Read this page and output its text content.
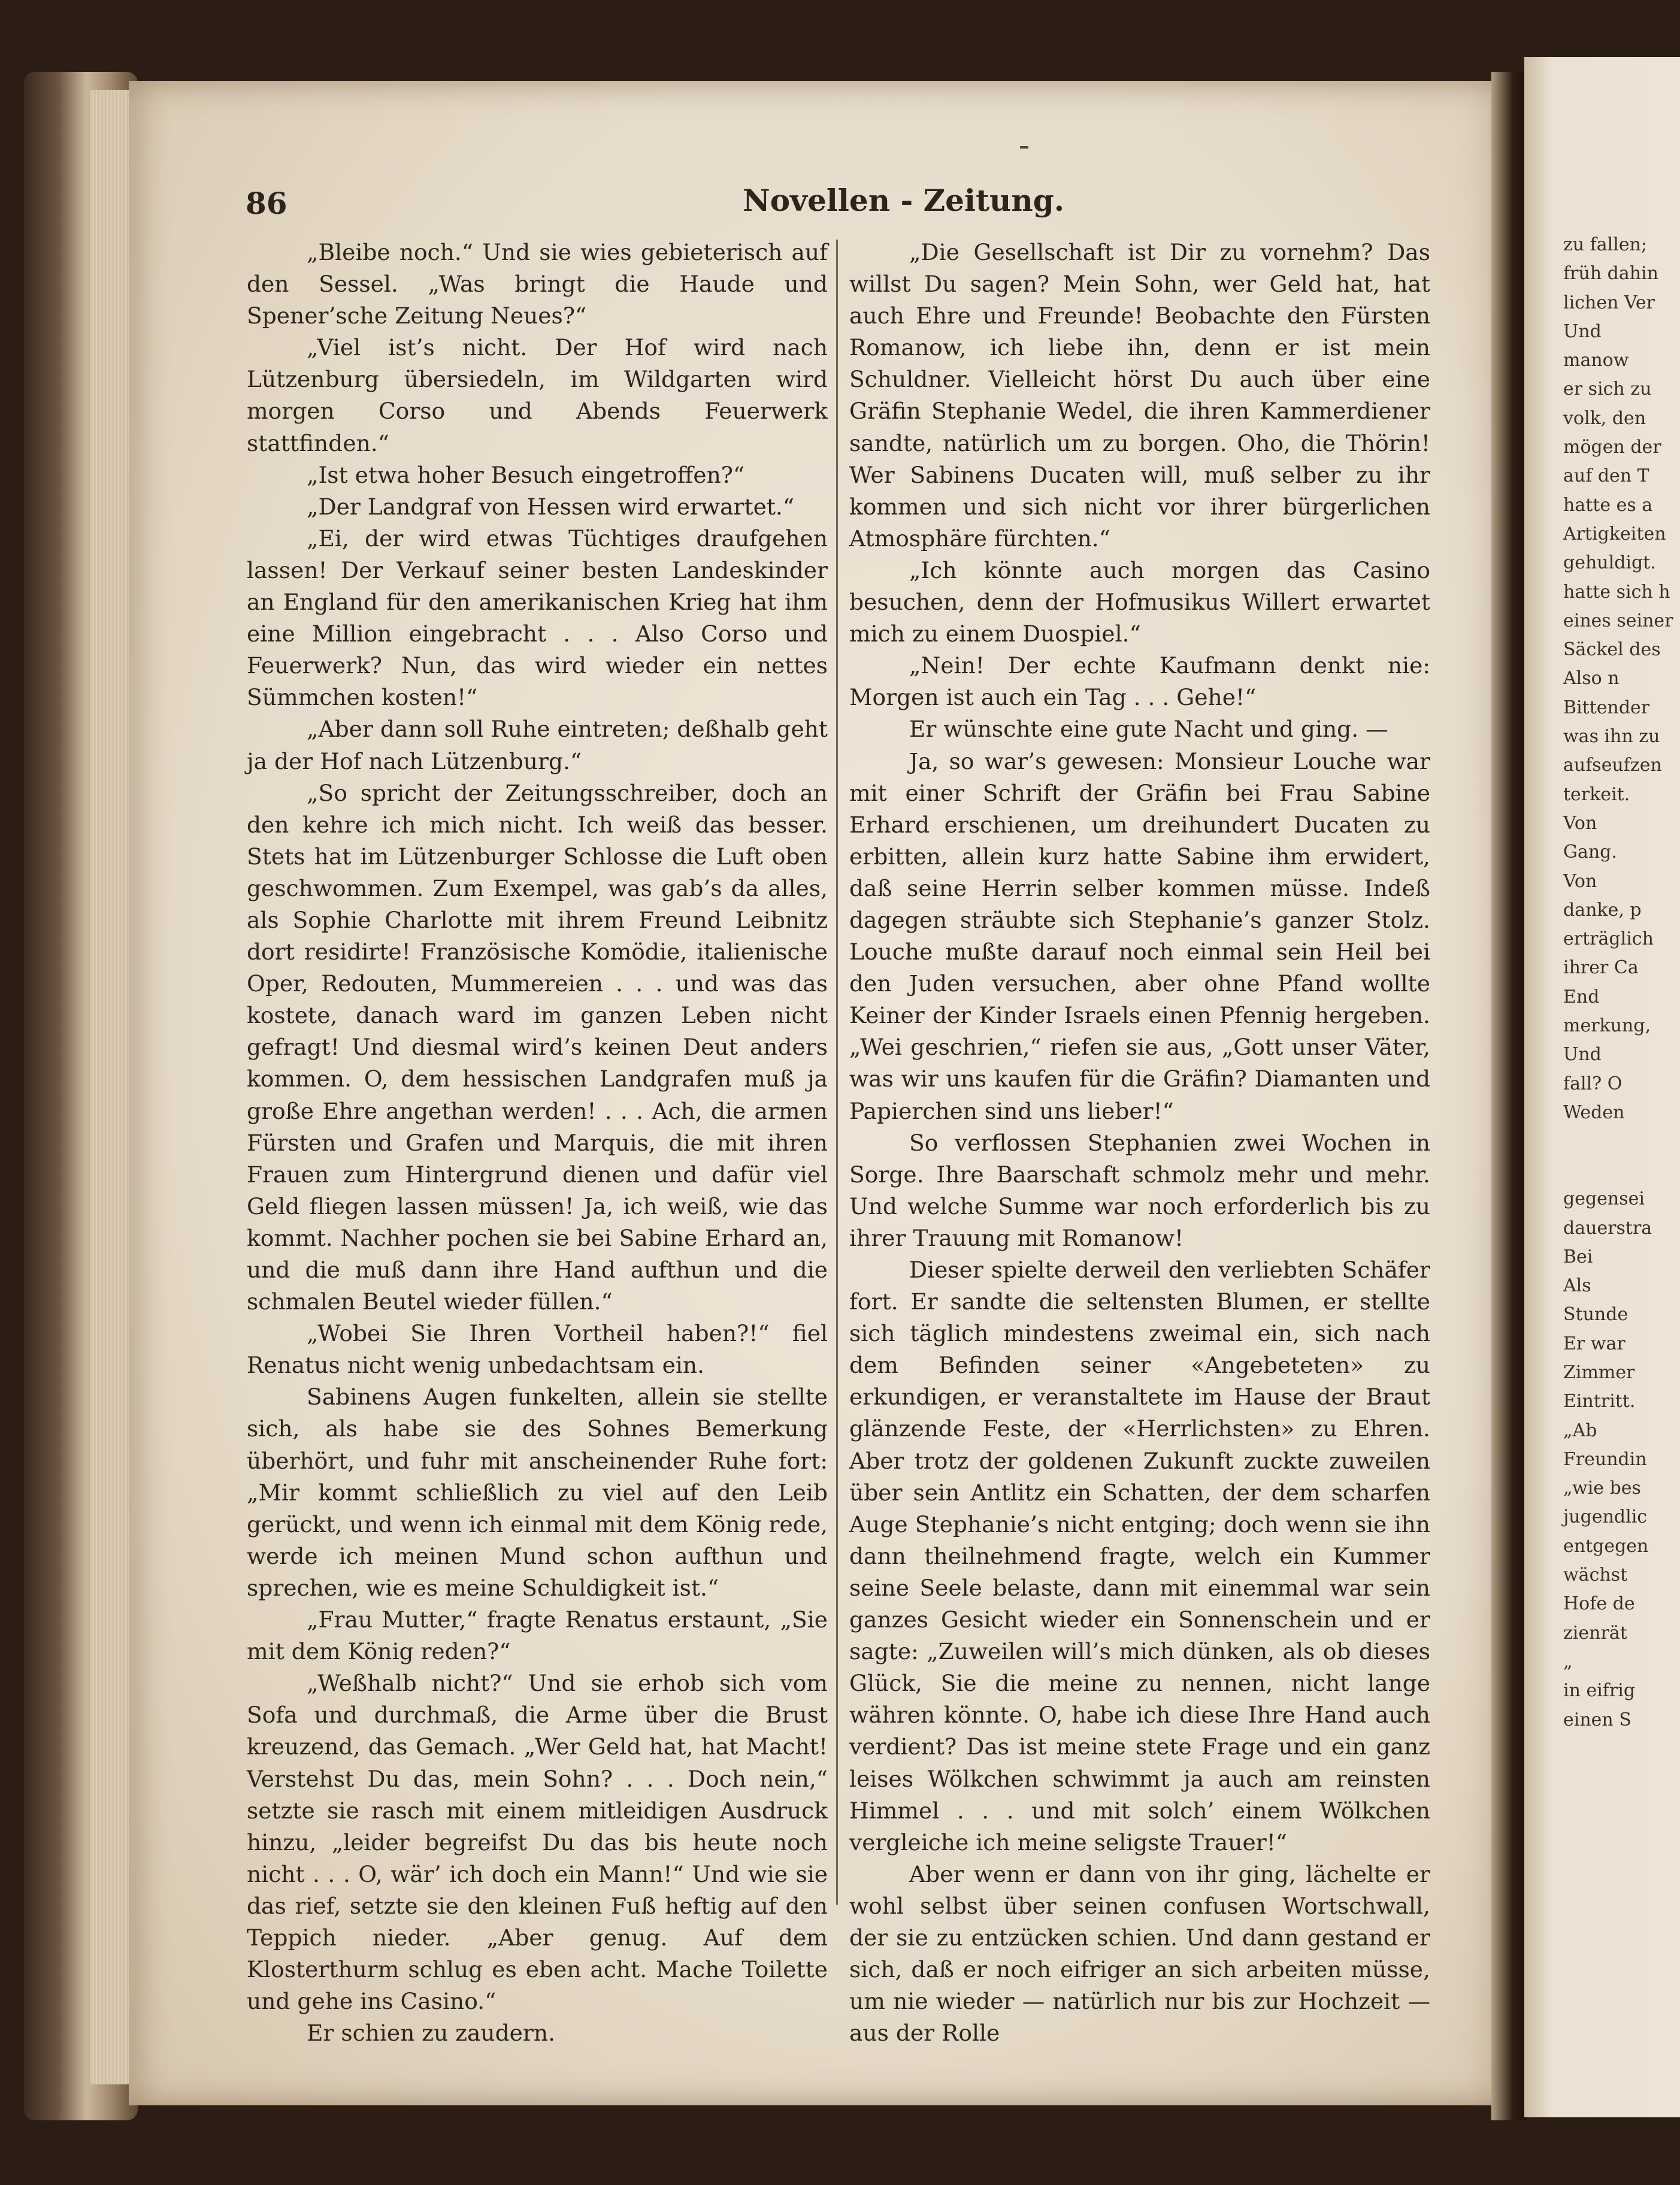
86	Novellen - Zeitung.

„Bleibe noch.“ Und sie wies gebieterisch auf den Sessel. „Was bringt die Haude und Spener’sche Zeitung Neues?“

„Viel ist’s nicht. Der Hof wird nach Lützenburg übersiedeln, im Wildgarten wird morgen Corso und Abends Feuerwerk stattfinden.“

„Ist etwa hoher Besuch eingetroffen?“

„Der Landgraf von Hessen wird erwartet.“

„Ei, der wird etwas Tüchtiges draufgehen lassen! Der Verkauf seiner besten Landeskinder an England für den amerikanischen Krieg hat ihm eine Million eingebracht . . . Also Corso und Feuerwerk? Nun, das wird wieder ein nettes Sümmchen kosten!“

„Aber dann soll Ruhe eintreten; deßhalb geht ja der Hof nach Lützenburg.“

„So spricht der Zeitungsschreiber, doch an den kehre ich mich nicht. Ich weiß das besser. Stets hat im Lützenburger Schlosse die Luft oben geschwommen. Zum Exempel, was gab’s da alles, als Sophie Charlotte mit ihrem Freund Leibnitz dort residirte! Französische Komödie, italienische Oper, Redouten, Mummereien . . . und was das kostete, danach ward im ganzen Leben nicht gefragt! Und diesmal wird’s keinen Deut anders kommen. O, dem hessischen Landgrafen muß ja große Ehre angethan werden! . . . Ach, die armen Fürsten und Grafen und Marquis, die mit ihren Frauen zum Hintergrund dienen und dafür viel Geld fliegen lassen müssen! Ja, ich weiß, wie das kommt. Nachher pochen sie bei Sabine Erhard an, und die muß dann ihre Hand aufthun und die schmalen Beutel wieder füllen.“

„Wobei Sie Ihren Vortheil haben?!“ fiel Renatus nicht wenig unbedachtsam ein.

Sabinens Augen funkelten, allein sie stellte sich, als habe sie des Sohnes Bemerkung überhört, und fuhr mit anscheinender Ruhe fort: „Mir kommt schließlich zu viel auf den Leib gerückt, und wenn ich einmal mit dem König rede, werde ich meinen Mund schon aufthun und sprechen, wie es meine Schuldigkeit ist.“

„Frau Mutter,“ fragte Renatus erstaunt, „Sie mit dem König reden?“

„Weßhalb nicht?“ Und sie erhob sich vom Sofa und durchmaß, die Arme über die Brust kreuzend, das Gemach. „Wer Geld hat, hat Macht! Verstehst Du das, mein Sohn? . . . Doch nein,“ setzte sie rasch mit einem mitleidigen Ausdruck hinzu, „leider begreifst Du das bis heute noch nicht . . . O, wär’ ich doch ein Mann!“ Und wie sie das rief, setzte sie den kleinen Fuß heftig auf den Teppich nieder. „Aber genug. Auf dem Klosterthurm schlug es eben acht. Mache Toilette und gehe ins Casino.“

Er schien zu zaudern.

„Die Gesellschaft ist Dir zu vornehm? Das willst Du sagen? Mein Sohn, wer Geld hat, hat auch Ehre und Freunde! Beobachte den Fürsten Romanow, ich liebe ihn, denn er ist mein Schuldner. Vielleicht hörst Du auch über eine Gräfin Stephanie Wedel, die ihren Kammerdiener sandte, natürlich um zu borgen. Oho, die Thörin! Wer Sabinens Ducaten will, muß selber zu ihr kommen und sich nicht vor ihrer bürgerlichen Atmosphäre fürchten.“

„Ich könnte auch morgen das Casino besuchen, denn der Hofmusikus Willert erwartet mich zu einem Duospiel.“

„Nein! Der echte Kaufmann denkt nie: Morgen ist auch ein Tag . . . Gehe!“

Er wünschte eine gute Nacht und ging. —

Ja, so war’s gewesen: Monsieur Louche war mit einer Schrift der Gräfin bei Frau Sabine Erhard erschienen, um dreihundert Ducaten zu erbitten, allein kurz hatte Sabine ihm erwidert, daß seine Herrin selber kommen müsse. Indeß dagegen sträubte sich Stephanie’s ganzer Stolz. Louche mußte darauf noch einmal sein Heil bei den Juden versuchen, aber ohne Pfand wollte Keiner der Kinder Israels einen Pfennig hergeben. „Wei geschrien,“ riefen sie aus, „Gott unser Väter, was wir uns kaufen für die Gräfin? Diamanten und Papierchen sind uns lieber!“

So verflossen Stephanien zwei Wochen in Sorge. Ihre Baarschaft schmolz mehr und mehr. Und welche Summe war noch erforderlich bis zu ihrer Trauung mit Romanow!

Dieser spielte derweil den verliebten Schäfer fort. Er sandte die seltensten Blumen, er stellte sich täglich mindestens zweimal ein, sich nach dem Befinden seiner «Angebeteten» zu erkundigen, er veranstaltete im Hause der Braut glänzende Feste, der «Herrlichsten» zu Ehren. Aber trotz der goldenen Zukunft zuckte zuweilen über sein Antlitz ein Schatten, der dem scharfen Auge Stephanie’s nicht entging; doch wenn sie ihn dann theilnehmend fragte, welch ein Kummer seine Seele belaste, dann mit einemmal war sein ganzes Gesicht wieder ein Sonnenschein und er sagte: „Zuweilen will’s mich dünken, als ob dieses Glück, Sie die meine zu nennen, nicht lange währen könnte. O, habe ich diese Ihre Hand auch verdient? Das ist meine stete Frage und ein ganz leises Wölkchen schwimmt ja auch am reinsten Himmel . . . und mit solch’ einem Wölkchen vergleiche ich meine seligste Trauer!“

Aber wenn er dann von ihr ging, lächelte er wohl selbst über seinen confusen Wortschwall, der sie zu entzücken schien. Und dann gestand er sich, daß er noch eifriger an sich arbeiten müsse, um nie wieder — natürlich nur bis zur Hochzeit — aus der Rolle

zu fallen;
früh dahin
lichen Ver
Und
manow
er sich zu
volk, den
mögen der
auf den T
hatte es a
Artigkeiten
gehuldigt.
hatte sich h
eines seiner
Säckel des
Also n
Bittender
was ihn zu
aufseufzen
terkeit.
Von
Gang.
Von
danke, p
erträglich
ihrer Ca
End
merkung,
Und
fall? O
Weden
gegensei
dauerstra
Bei
Als
Stunde
Er war
Zimmer
Eintritt.
„Ab
Freundin
„wie bes
jugendlic
entgegen
wächst
Hofe de
zienrät
„
in eifrig
einen S
